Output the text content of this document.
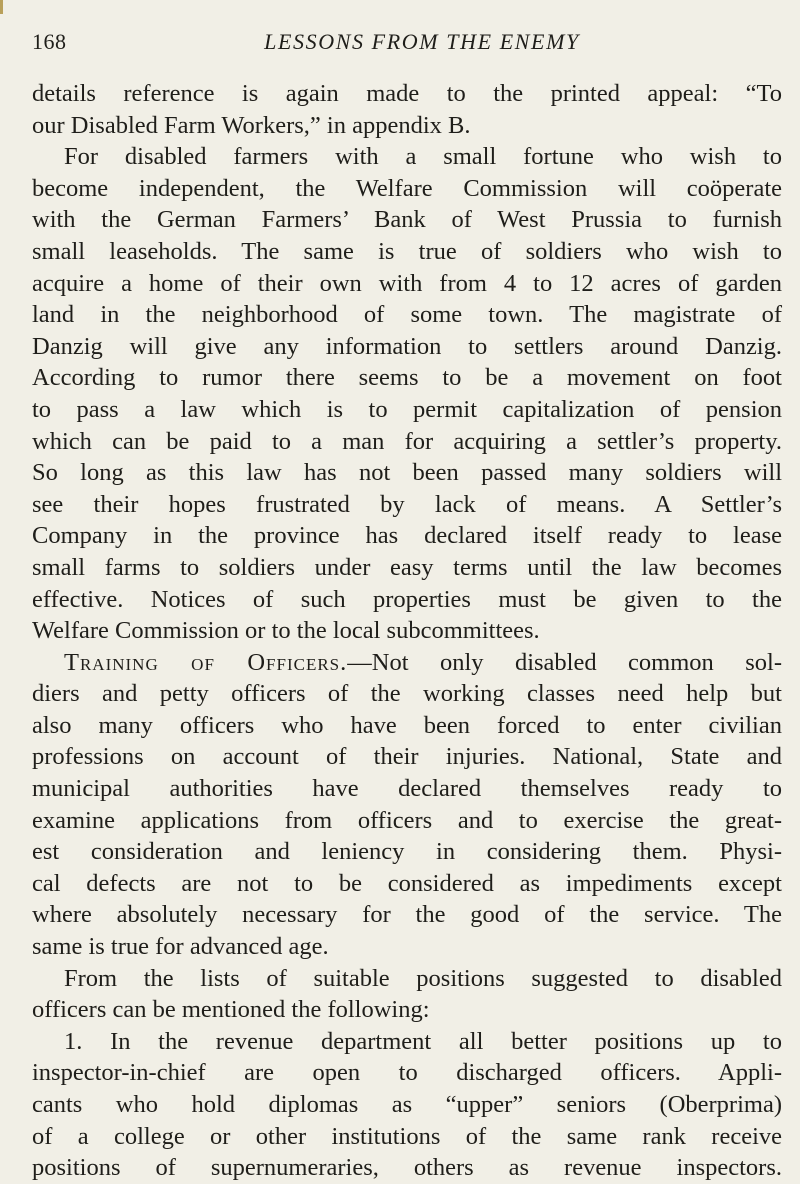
168	LESSONS FROM THE ENEMY
details reference is again made to the printed appeal: “To
our Disabled Farm Workers,” in appendix B.
For disabled farmers with a small fortune who wish to
become independent, the Welfare Commission will coöperate
with the German Farmers’ Bank of West Prussia to furnish
small leaseholds. The same is true of soldiers who wish to
acquire a home of their own with from 4 to 12 acres of garden
land in the neighborhood of some town. The magistrate of
Danzig will give any information to settlers around Danzig.
According to rumor there seems to be a movement on foot
to pass a law which is to permit capitalization of pension
which can be paid to a man for acquiring a settler’s property.
So long as this law has not been passed many soldiers will
see their hopes frustrated by lack of means. A Settler’s
Company in the province has declared itself ready to lease
small farms to soldiers under easy terms until the law becomes
effective. Notices of such properties must be given to the
Welfare Commission or to the local subcommittees.
Training of Officers.—Not only disabled common sol-
diers and petty officers of the working classes need help but
also many officers who have been forced to enter civilian
professions on account of their injuries. National, State and
municipal authorities have declared themselves ready to
examine applications from officers and to exercise the great-
est consideration and leniency in considering them. Physi-
cal defects are not to be considered as impediments except
where absolutely necessary for the good of the service. The
same is true for advanced age.
From the lists of suitable positions suggested to disabled
officers can be mentioned the following:
1. In the revenue department all better positions up to
inspector-in-chief are open to discharged officers. Appli-
cants who hold diplomas as “upper” seniors (Oberprima)
of a college or other institutions of the same rank receive
positions of supernumeraries, others as revenue inspectors.
